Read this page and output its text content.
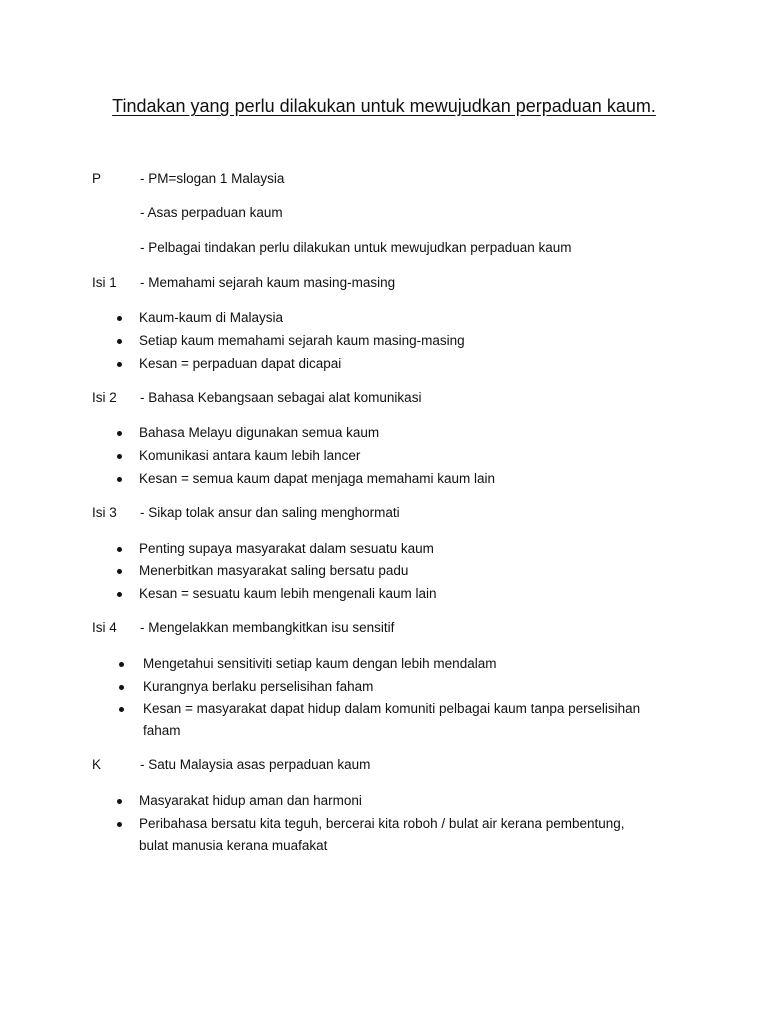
Tindakan yang perlu dilakukan untuk mewujudkan perpaduan kaum.
P	- PM=slogan 1 Malaysia
- Asas perpaduan kaum
- Pelbagai tindakan perlu dilakukan untuk mewujudkan perpaduan kaum
Isi 1	- Memahami sejarah kaum masing-masing
Kaum-kaum di Malaysia
Setiap kaum memahami sejarah kaum masing-masing
Kesan = perpaduan dapat dicapai
Isi 2	- Bahasa Kebangsaan sebagai alat komunikasi
Bahasa Melayu digunakan semua kaum
Komunikasi antara kaum lebih lancer
Kesan = semua kaum dapat menjaga memahami kaum lain
Isi 3	- Sikap tolak ansur dan saling menghormati
Penting supaya masyarakat dalam sesuatu kaum
Menerbitkan masyarakat saling bersatu padu
Kesan = sesuatu kaum lebih mengenali kaum lain
Isi 4	- Mengelakkan membangkitkan isu sensitif
Mengetahui sensitiviti setiap kaum dengan lebih mendalam
Kurangnya berlaku perselisihan faham
Kesan = masyarakat dapat hidup dalam komuniti pelbagai kaum tanpa perselisihan
faham
K	- Satu Malaysia asas perpaduan kaum
Masyarakat hidup aman dan harmoni
Peribahasa bersatu kita teguh, bercerai kita roboh / bulat air kerana pembentung,
bulat manusia kerana muafakat
